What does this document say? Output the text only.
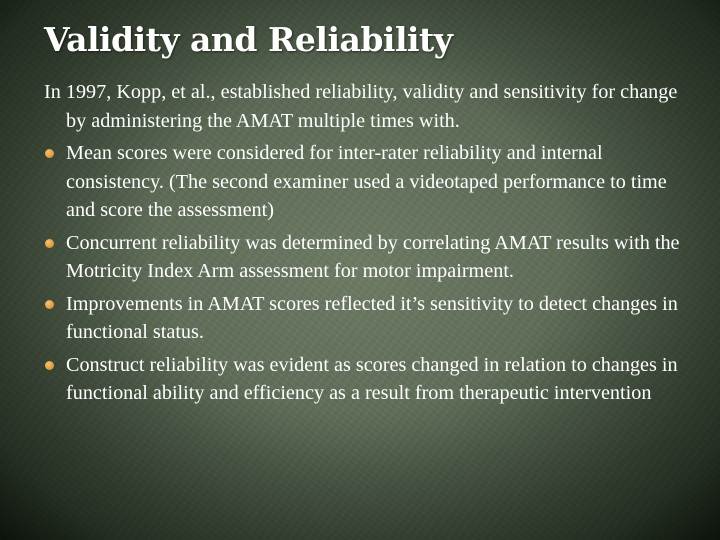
Validity and Reliability

In 1997, Kopp, et al., established reliability, validity and sensitivity for change by administering the AMAT multiple times with.

Mean scores were considered for inter-rater reliability and internal consistency. (The second examiner used a videotaped performance to time and score the assessment)
Concurrent reliability was determined by correlating AMAT results with the Motricity Index Arm assessment for motor impairment.
Improvements in AMAT scores reflected it’s sensitivity to detect changes in functional status.
Construct reliability was evident as scores changed in relation to changes in functional ability and efficiency as a result from therapeutic intervention
